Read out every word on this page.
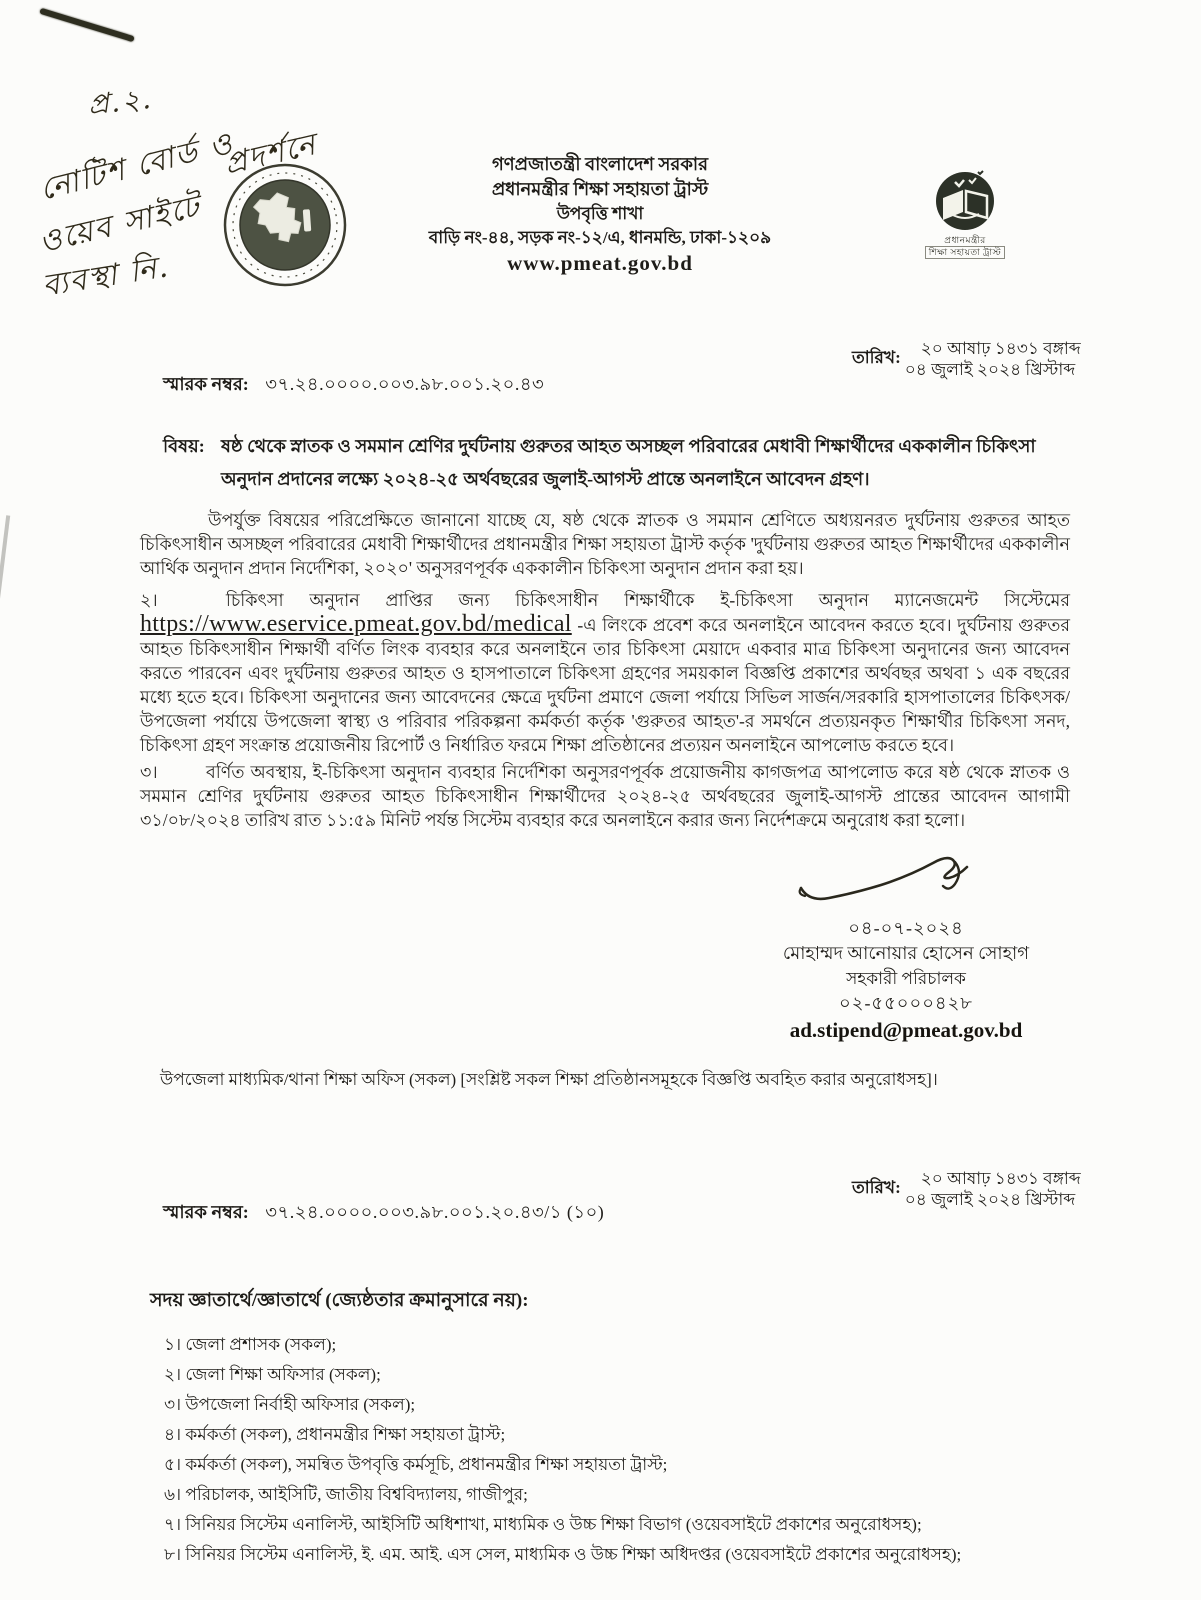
প্র.২.
নোটিশ বোর্ড ও
প্রদর্শনে
ওয়েব সাইটে
ব্যবস্থা নি.
গণপ্রজাতন্ত্রী বাংলাদেশ সরকার
প্রধানমন্ত্রীর শিক্ষা সহায়তা ট্রাস্ট
উপবৃত্তি শাখা
বাড়ি নং-৪৪, সড়ক নং-১২/এ, ধানমন্ডি, ঢাকা-১২০৯
www.pmeat.gov.bd
প্রধানমন্ত্রীর
শিক্ষা সহায়তা ট্রাস্ট
স্মারক নম্বর: ৩৭.২৪.০০০০.০০৩.৯৮.০০১.২০.৪৩
তারিখ:	২০ আষাঢ় ১৪৩১ বঙ্গাব্দ
০৪ জুলাই ২০২৪ খ্রিস্টাব্দ
বিষয়: ষষ্ঠ থেকে স্নাতক ও সমমান শ্রেণির দুর্ঘটনায় গুরুতর আহত অসচ্ছল পরিবারের মেধাবী শিক্ষার্থীদের এককালীন চিকিৎসা অনুদান প্রদানের লক্ষ্যে ২০২৪-২৫ অর্থবছরের জুলাই-আগস্ট প্রান্তে অনলাইনে আবেদন গ্রহণ।
উপর্যুক্ত বিষয়ের পরিপ্রেক্ষিতে জানানো যাচ্ছে যে, ষষ্ঠ থেকে স্নাতক ও সমমান শ্রেণিতে অধ্যয়নরত দুর্ঘটনায় গুরুতর আহত চিকিৎসাধীন অসচ্ছল পরিবারের মেধাবী শিক্ষার্থীদের প্রধানমন্ত্রীর শিক্ষা সহায়তা ট্রাস্ট কর্তৃক 'দুর্ঘটনায় গুরুতর আহত শিক্ষার্থীদের এককালীন আর্থিক অনুদান প্রদান নির্দেশিকা, ২০২০' অনুসরণপূর্বক এককালীন চিকিৎসা অনুদান প্রদান করা হয়।
২।	চিকিৎসা অনুদান প্রাপ্তির জন্য চিকিৎসাধীন শিক্ষার্থীকে ই-চিকিৎসা অনুদান ম্যানেজমেন্ট সিস্টেমের https://www.eservice.pmeat.gov.bd/medical -এ লিংকে প্রবেশ করে অনলাইনে আবেদন করতে হবে। দুর্ঘটনায় গুরুতর আহত চিকিৎসাধীন শিক্ষার্থী বর্ণিত লিংক ব্যবহার করে অনলাইনে তার চিকিৎসা মেয়াদে একবার মাত্র চিকিৎসা অনুদানের জন্য আবেদন করতে পারবেন এবং দুর্ঘটনায় গুরুতর আহত ও হাসপাতালে চিকিৎসা গ্রহণের সময়কাল বিজ্ঞপ্তি প্রকাশের অর্থবছর অথবা ১ এক বছরের মধ্যে হতে হবে। চিকিৎসা অনুদানের জন্য আবেদনের ক্ষেত্রে দুর্ঘটনা প্রমাণে জেলা পর্যায়ে সিভিল সার্জন/সরকারি হাসপাতালের চিকিৎসক/উপজেলা পর্যায়ে উপজেলা স্বাস্থ্য ও পরিবার পরিকল্পনা কর্মকর্তা কর্তৃক 'গুরুতর আহত'-র সমর্থনে প্রত্যয়নকৃত শিক্ষার্থীর চিকিৎসা সনদ, চিকিৎসা গ্রহণ সংক্রান্ত প্রয়োজনীয় রিপোর্ট ও নির্ধারিত ফরমে শিক্ষা প্রতিষ্ঠানের প্রত্যয়ন অনলাইনে আপলোড করতে হবে।
৩।	বর্ণিত অবস্থায়, ই-চিকিৎসা অনুদান ব্যবহার নির্দেশিকা অনুসরণপূর্বক প্রয়োজনীয় কাগজপত্র আপলোড করে ষষ্ঠ থেকে স্নাতক ও সমমান শ্রেণির দুর্ঘটনায় গুরুতর আহত চিকিৎসাধীন শিক্ষার্থীদের ২০২৪-২৫ অর্থবছরের জুলাই-আগস্ট প্রান্তের আবেদন আগামী ৩১/০৮/২০২৪ তারিখ রাত ১১:৫৯ মিনিট পর্যন্ত সিস্টেম ব্যবহার করে অনলাইনে করার জন্য নির্দেশক্রমে অনুরোধ করা হলো।
০৪-০৭-২০২৪
মোহাম্মদ আনোয়ার হোসেন সোহাগ
সহকারী পরিচালক
০২-৫৫০০০৪২৮
ad.stipend@pmeat.gov.bd
উপজেলা মাধ্যমিক/থানা শিক্ষা অফিস (সকল) [সংশ্লিষ্ট সকল শিক্ষা প্রতিষ্ঠানসমূহকে বিজ্ঞপ্তি অবহিত করার অনুরোধসহ]।
স্মারক নম্বর: ৩৭.২৪.০০০০.০০৩.৯৮.০০১.২০.৪৩/১ (১০)
তারিখ:	২০ আষাঢ় ১৪৩১ বঙ্গাব্দ
০৪ জুলাই ২০২৪ খ্রিস্টাব্দ

সদয় জ্ঞাতার্থে/জ্ঞাতার্থে (জ্যেষ্ঠতার ক্রমানুসারে নয়):

১। জেলা প্রশাসক (সকল);
২। জেলা শিক্ষা অফিসার (সকল);
৩। উপজেলা নির্বাহী অফিসার (সকল);
৪। কর্মকর্তা (সকল), প্রধানমন্ত্রীর শিক্ষা সহায়তা ট্রাস্ট;
৫। কর্মকর্তা (সকল), সমন্বিত উপবৃত্তি কর্মসূচি, প্রধানমন্ত্রীর শিক্ষা সহায়তা ট্রাস্ট;
৬। পরিচালক, আইসিটি, জাতীয় বিশ্ববিদ্যালয়, গাজীপুর;
৭। সিনিয়র সিস্টেম এনালিস্ট, আইসিটি অধিশাখা, মাধ্যমিক ও উচ্চ শিক্ষা বিভাগ (ওয়েবসাইটে প্রকাশের অনুরোধসহ);
৮। সিনিয়র সিস্টেম এনালিস্ট, ই. এম. আই. এস সেল, মাধ্যমিক ও উচ্চ শিক্ষা অধিদপ্তর (ওয়েবসাইটে প্রকাশের অনুরোধসহ);
